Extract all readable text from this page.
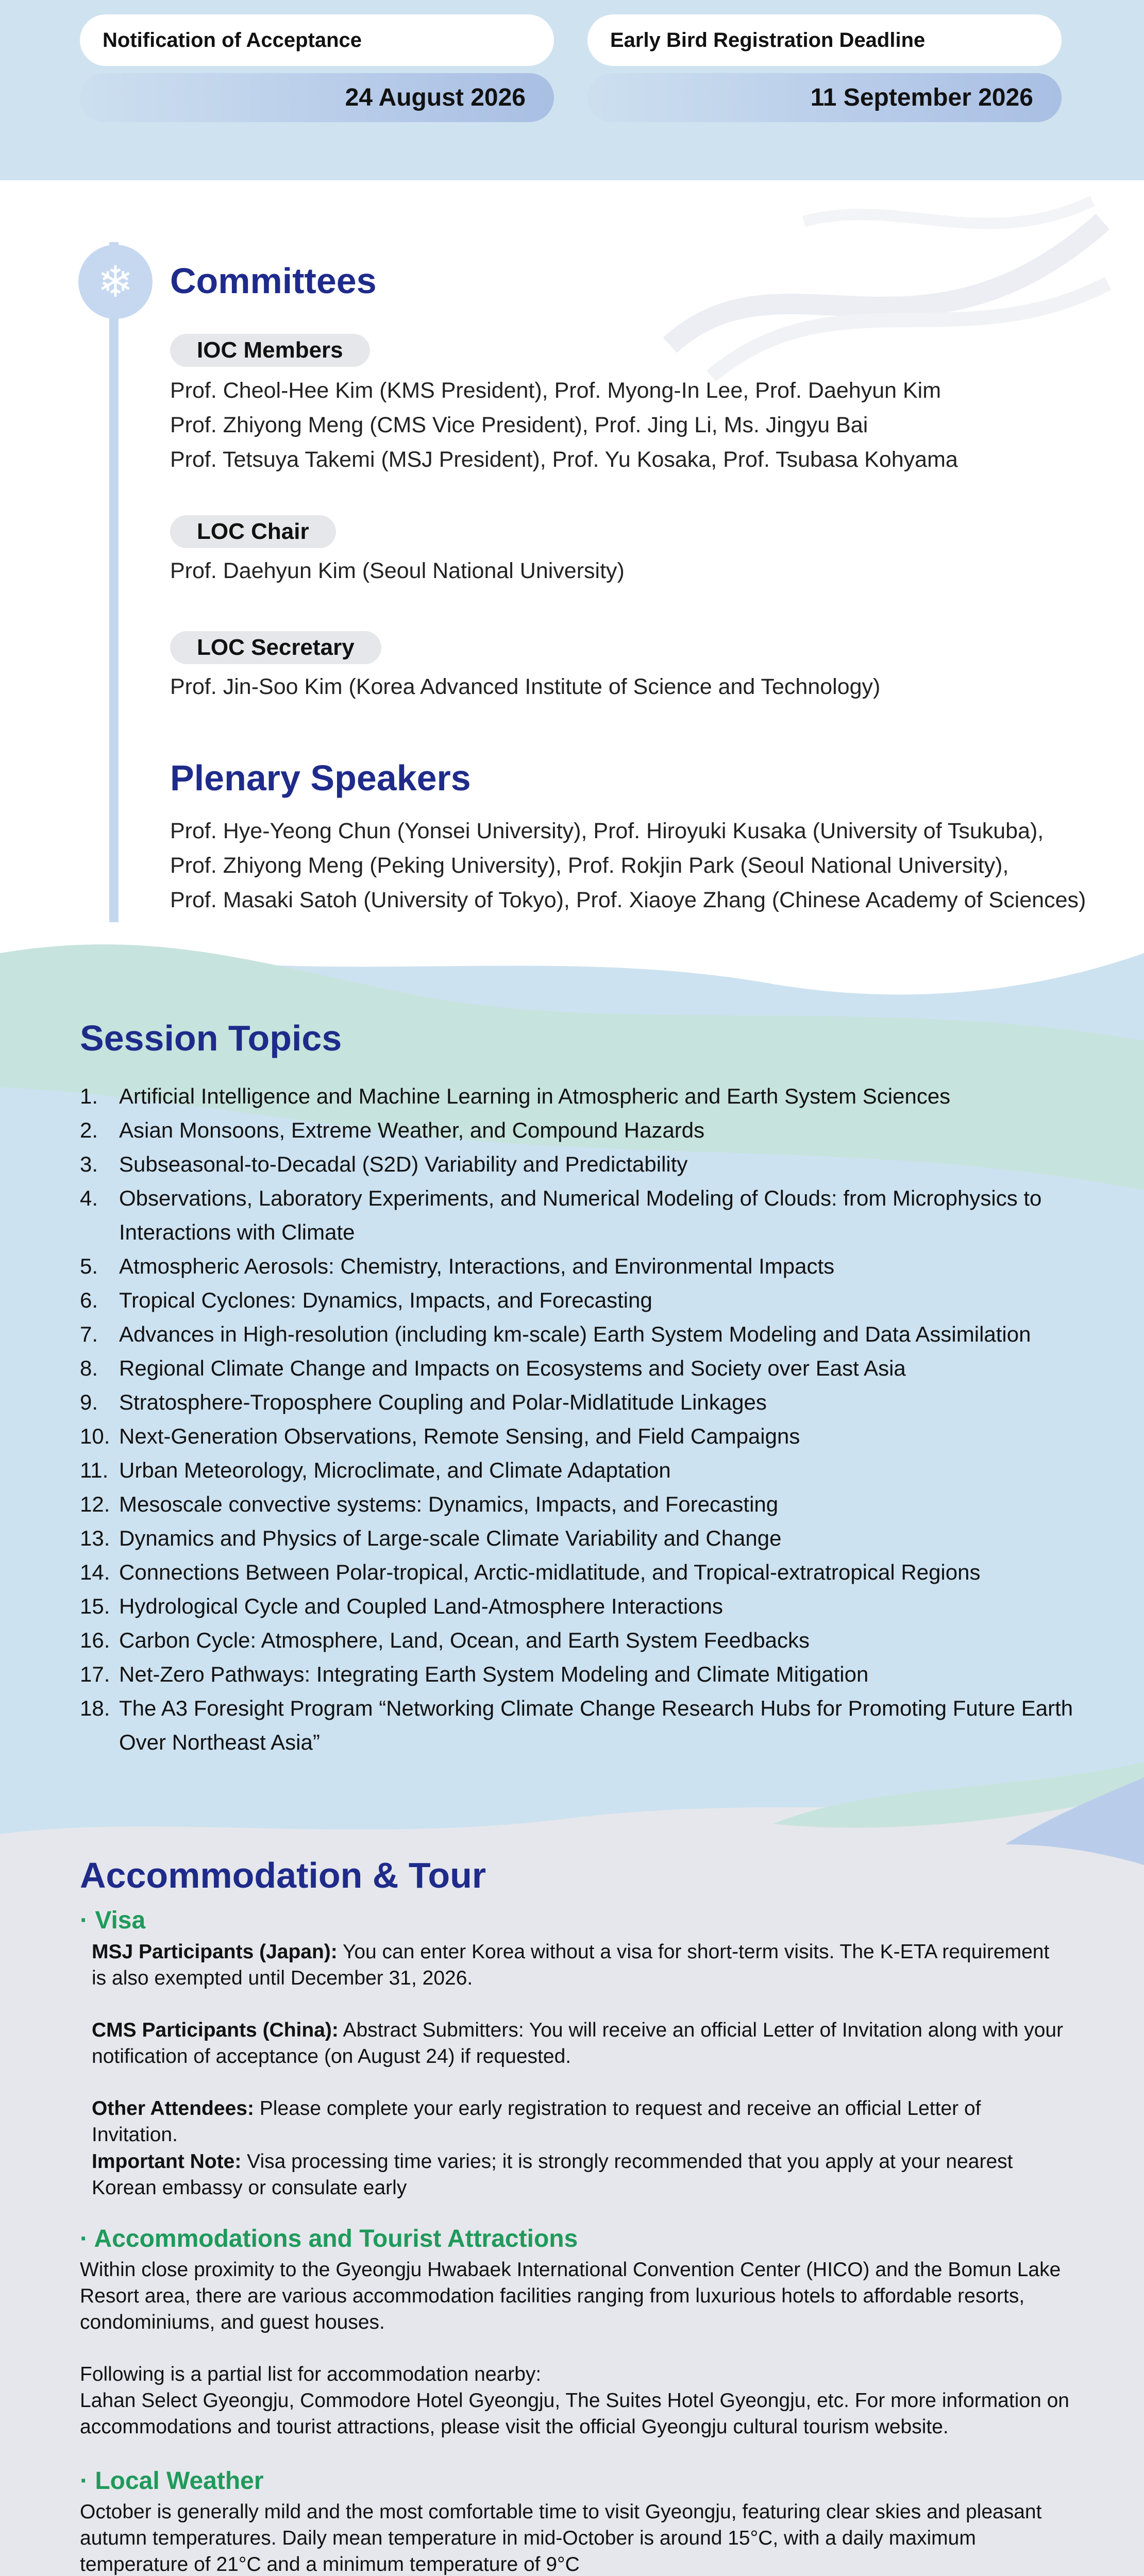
Notification of Acceptance
24 August 2026
Early Bird Registration Deadline
11 September 2026
❄	Committees
IOC Members
Prof. Cheol-Hee Kim (KMS President), Prof. Myong-In Lee, Prof. Daehyun Kim
Prof. Zhiyong Meng (CMS Vice President), Prof. Jing Li, Ms. Jingyu Bai
Prof. Tetsuya Takemi (MSJ President), Prof. Yu Kosaka, Prof. Tsubasa Kohyama
LOC Chair
Prof. Daehyun Kim (Seoul National University)
LOC Secretary
Prof. Jin-Soo Kim (Korea Advanced Institute of Science and Technology)
Plenary Speakers
Prof. Hye-Yeong Chun (Yonsei University), Prof. Hiroyuki Kusaka (University of Tsukuba),
Prof. Zhiyong Meng (Peking University), Prof. Rokjin Park (Seoul National University),
Prof. Masaki Satoh (University of Tokyo), Prof. Xiaoye Zhang (Chinese Academy of Sciences)
Session Topics
1. Artificial Intelligence and Machine Learning in Atmospheric and Earth System Sciences
2. Asian Monsoons, Extreme Weather, and Compound Hazards
3. Subseasonal-to-Decadal (S2D) Variability and Predictability
4. Observations, Laboratory Experiments, and Numerical Modeling of Clouds: from Microphysics to Interactions with Climate
5. Atmospheric Aerosols: Chemistry, Interactions, and Environmental Impacts
6. Tropical Cyclones: Dynamics, Impacts, and Forecasting
7. Advances in High-resolution (including km-scale) Earth System Modeling and Data Assimilation
8. Regional Climate Change and Impacts on Ecosystems and Society over East Asia
9. Stratosphere-Troposphere Coupling and Polar-Midlatitude Linkages
10. Next-Generation Observations, Remote Sensing, and Field Campaigns
11. Urban Meteorology, Microclimate, and Climate Adaptation
12. Mesoscale convective systems: Dynamics, Impacts, and Forecasting
13. Dynamics and Physics of Large-scale Climate Variability and Change
14. Connections Between Polar-tropical, Arctic-midlatitude, and Tropical-extratropical Regions
15. Hydrological Cycle and Coupled Land-Atmosphere Interactions
16. Carbon Cycle: Atmosphere, Land, Ocean, and Earth System Feedbacks
17. Net-Zero Pathways: Integrating Earth System Modeling and Climate Mitigation
18. The A3 Foresight Program “Networking Climate Change Research Hubs for Promoting Future Earth Over Northeast Asia”
Accommodation & Tour
· Visa
MSJ Participants (Japan): You can enter Korea without a visa for short-term visits. The K-ETA requirement is also exempted until December 31, 2026.
CMS Participants (China): Abstract Submitters: You will receive an official Letter of Invitation along with your notification of acceptance (on August 24) if requested.
Other Attendees: Please complete your early registration to request and receive an official Letter of Invitation.
Important Note: Visa processing time varies; it is strongly recommended that you apply at your nearest Korean embassy or consulate early
· Accommodations and Tourist Attractions
Within close proximity to the Gyeongju Hwabaek International Convention Center (HICO) and the Bomun Lake Resort area, there are various accommodation facilities ranging from luxurious hotels to affordable resorts, condominiums, and guest houses.
Following is a partial list for accommodation nearby:
Lahan Select Gyeongju, Commodore Hotel Gyeongju, The Suites Hotel Gyeongju, etc. For more information on accommodations and tourist attractions, please visit the official Gyeongju cultural tourism website.
· Local Weather
October is generally mild and the most comfortable time to visit Gyeongju, featuring clear skies and pleasant autumn temperatures. Daily mean temperature in mid-October is around 15°C, with a daily maximum temperature of 21°C and a minimum temperature of 9°C
